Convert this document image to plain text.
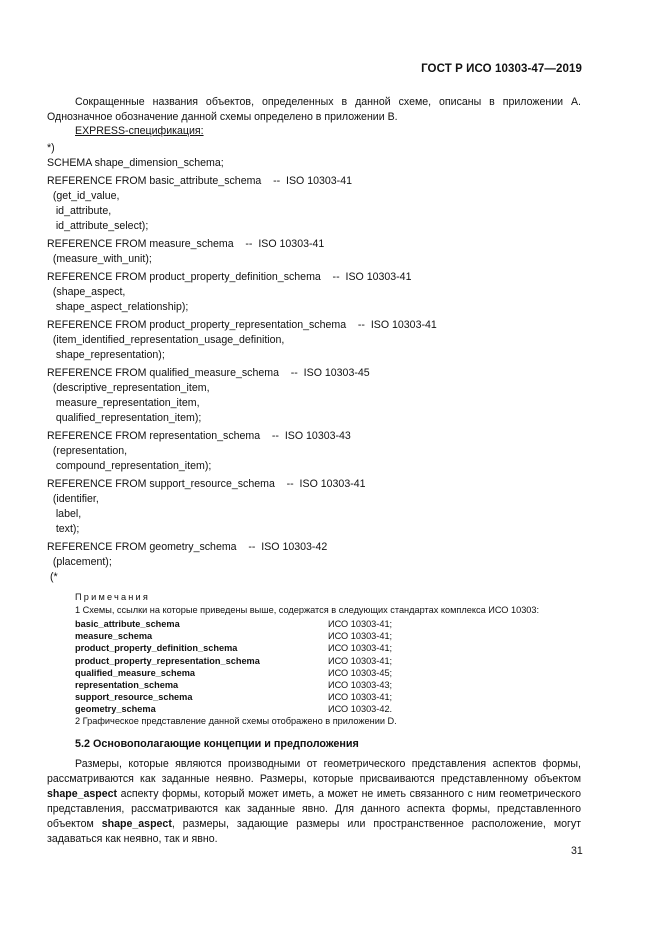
ГОСТ Р ИСО 10303-47—2019

Сокращенные названия объектов, определенных в данной схеме, описаны в приложении А. Однозначное обозначение данной схемы определено в приложении В.

EXPRESS-спецификация:
*)
SCHEMA shape_dimension_schema;
REFERENCE FROM basic_attribute_schema    --  ISO 10303-41
(get_id_value,
id_attribute,
id_attribute_select);
REFERENCE FROM measure_schema    --  ISO 10303-41
(measure_with_unit);
REFERENCE FROM product_property_definition_schema    --  ISO 10303-41
(shape_aspect,
shape_aspect_relationship);
REFERENCE FROM product_property_representation_schema    --  ISO 10303-41
(item_identified_representation_usage_definition,
shape_representation);
REFERENCE FROM qualified_measure_schema    --  ISO 10303-45
(descriptive_representation_item,
measure_representation_item,
qualified_representation_item);
REFERENCE FROM representation_schema    --  ISO 10303-43
(representation,
compound_representation_item);
REFERENCE FROM support_resource_schema    --  ISO 10303-41
(identifier,
label,
text);
REFERENCE FROM geometry_schema    --  ISO 10303-42
(placement);
(*
Примечания
1 Схемы, ссылки на которые приведены выше, содержатся в следующих стандартах комплекса ИСО 10303:
basic_attribute_schema	ИСО 10303-41;
measure_schema	ИСО 10303-41;
product_property_definition_schema	ИСО 10303-41;
product_property_representation_schema	ИСО 10303-41;
qualified_measure_schema	ИСО 10303-45;
representation_schema	ИСО 10303-43;
support_resource_schema	ИСО 10303-41;
geometry_schema	ИСО 10303-42.
2 Графическое представление данной схемы отображено в приложении D.
5.2 Основополагающие концепции и предположения

Размеры, которые являются производными от геометрического представления аспектов формы, рассматриваются как заданные неявно. Размеры, которые присваиваются представленному объектом shape_aspect аспекту формы, который может иметь, а может не иметь связанного с ним геометрического представления, рассматриваются как заданные явно. Для данного аспекта формы, представленного объектом shape_aspect, размеры, задающие размеры или пространственное расположение, могут задаваться как неявно, так и явно.

31
